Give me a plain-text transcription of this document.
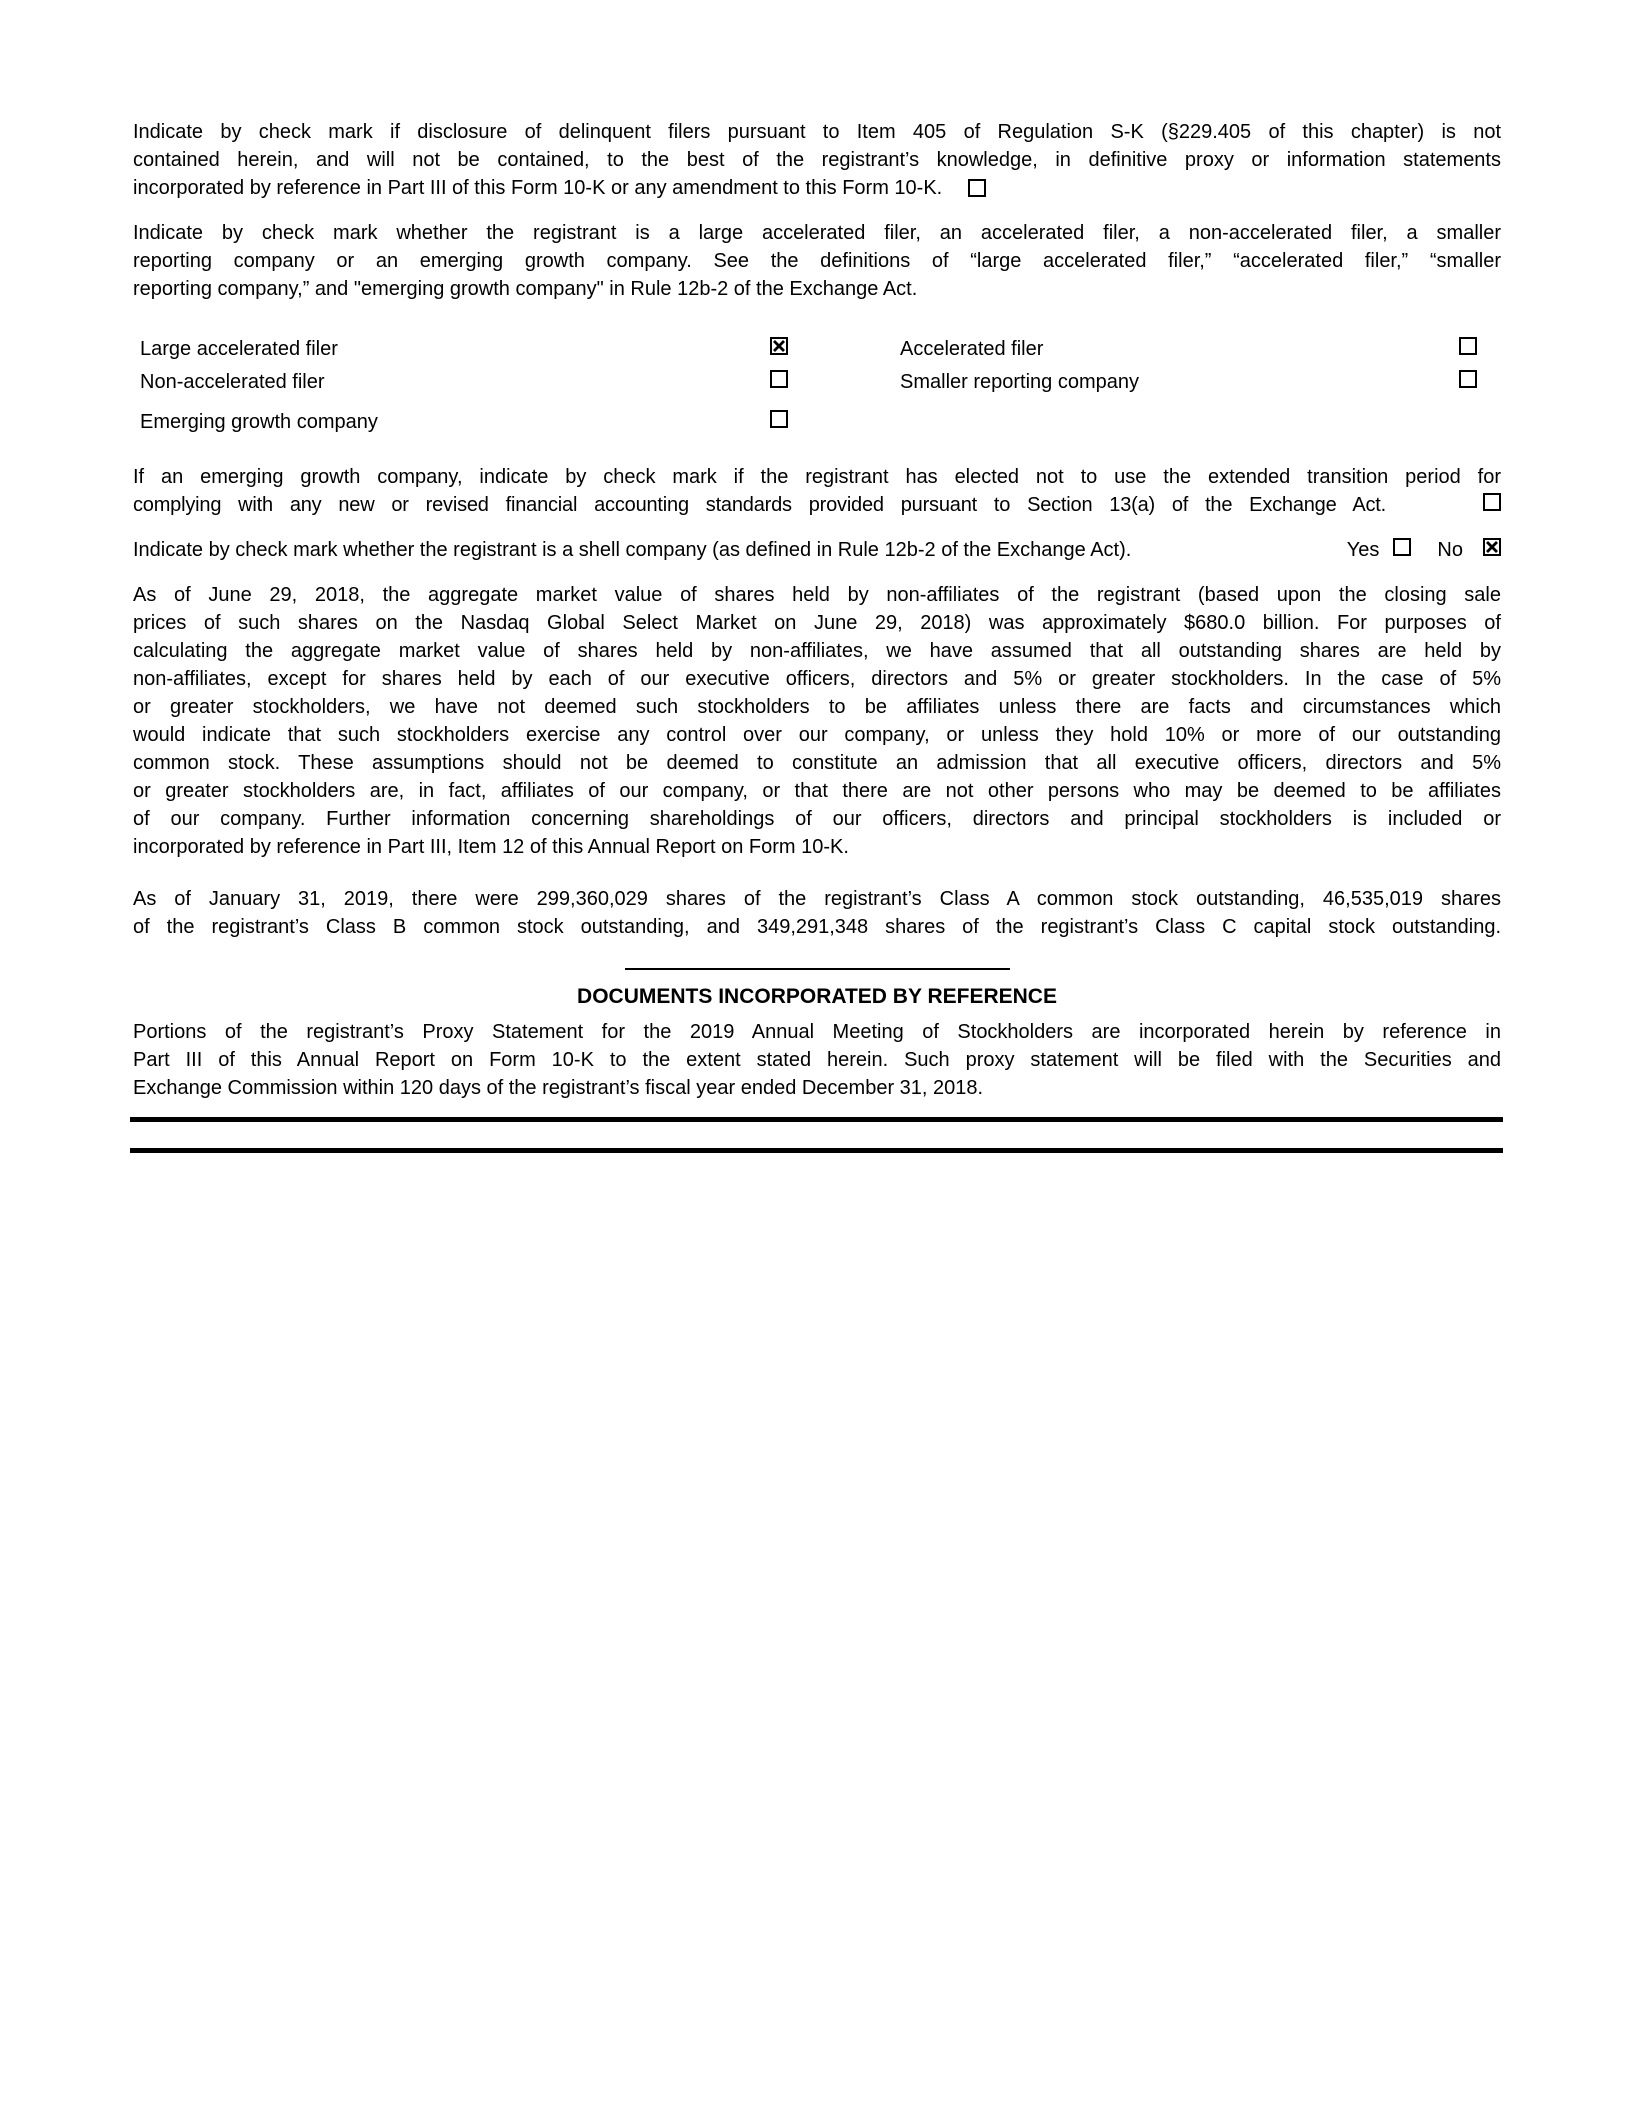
Indicate by check mark if disclosure of delinquent filers pursuant to Item 405 of Regulation S-K (§229.405 of this chapter) is not
contained herein, and will not be contained, to the best of the registrant’s knowledge, in definitive proxy or information statements
incorporated by reference in Part III of this Form 10-K or any amendment to this Form 10-K.
Indicate by check mark whether the registrant is a large accelerated filer, an accelerated filer, a non-accelerated filer, a smaller
reporting company or an emerging growth company. See the definitions of “large accelerated filer,” “accelerated filer,” “smaller
reporting company,” and "emerging growth company" in Rule 12b-2 of the Exchange Act.
Large accelerated filer	Accelerated filer
Non-accelerated filer	Smaller reporting company
Emerging growth company
If an emerging growth company, indicate by check mark if the registrant has elected not to use the extended transition period for
complying with any new or revised financial accounting standards provided pursuant to Section 13(a) of the Exchange Act.
Indicate by check mark whether the registrant is a shell company (as defined in Rule 12b-2 of the Exchange Act).	Yes	No
As of June 29, 2018, the aggregate market value of shares held by non-affiliates of the registrant (based upon the closing sale
prices of such shares on the Nasdaq Global Select Market on June 29, 2018) was approximately $680.0 billion. For purposes of
calculating the aggregate market value of shares held by non-affiliates, we have assumed that all outstanding shares are held by
non-affiliates, except for shares held by each of our executive officers, directors and 5% or greater stockholders. In the case of 5%
or greater stockholders, we have not deemed such stockholders to be affiliates unless there are facts and circumstances which
would indicate that such stockholders exercise any control over our company, or unless they hold 10% or more of our outstanding
common stock. These assumptions should not be deemed to constitute an admission that all executive officers, directors and 5%
or greater stockholders are, in fact, affiliates of our company, or that there are not other persons who may be deemed to be affiliates
of our company. Further information concerning shareholdings of our officers, directors and principal stockholders is included or
incorporated by reference in Part III, Item 12 of this Annual Report on Form 10-K.
As of January 31, 2019, there were 299,360,029 shares of the registrant’s Class A common stock outstanding, 46,535,019 shares
of the registrant’s Class B common stock outstanding, and 349,291,348 shares of the registrant’s Class C capital stock outstanding.
DOCUMENTS INCORPORATED BY REFERENCE
Portions of the registrant’s Proxy Statement for the 2019 Annual Meeting of Stockholders are incorporated herein by reference in
Part III of this Annual Report on Form 10-K to the extent stated herein. Such proxy statement will be filed with the Securities and
Exchange Commission within 120 days of the registrant’s fiscal year ended December 31, 2018.
